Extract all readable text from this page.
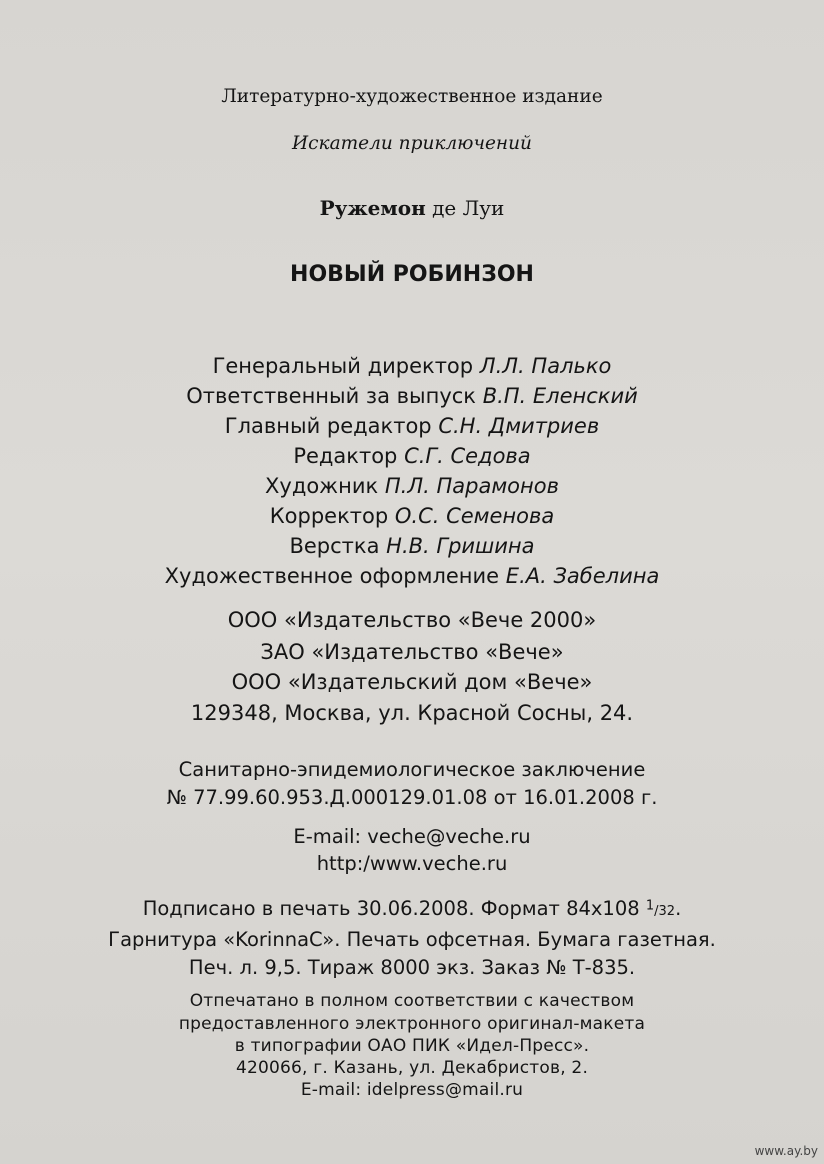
Литературно-художественное издание
Искатели приключений
Ружемон де Луи
НОВЫЙ РОБИНЗОН
Генеральный директор Л.Л. Палько
Ответственный за выпуск В.П. Еленский
Главный редактор С.Н. Дмитриев
Редактор С.Г. Седова
Художник П.Л. Парамонов
Корректор О.С. Семенова
Верстка Н.В. Гришина
Художественное оформление Е.А. Забелина
ООО «Издательство «Вече 2000»
ЗАО «Издательство «Вече»
ООО «Издательский дом «Вече»
129348, Москва, ул. Красной Сосны, 24.
Санитарно-эпидемиологическое заключение
№ 77.99.60.953.Д.000129.01.08 от 16.01.2008 г.
E-mail: veche@veche.ru
http:/www.veche.ru
Подписано в печать 30.06.2008. Формат 84х108 $^1$/32.
Гарнитура «KorinnaC». Печать офсетная. Бумага газетная.
Печ. л. 9,5. Тираж 8000 экз. Заказ № Т-835.
Отпечатано в полном соответствии с качеством
предоставленного электронного оригинал-макета
в типографии ОАО ПИК «Идел-Пресс».
420066, г. Казань, ул. Декабристов, 2.
E-mail: idelpress@mail.ru
www.ay.by
